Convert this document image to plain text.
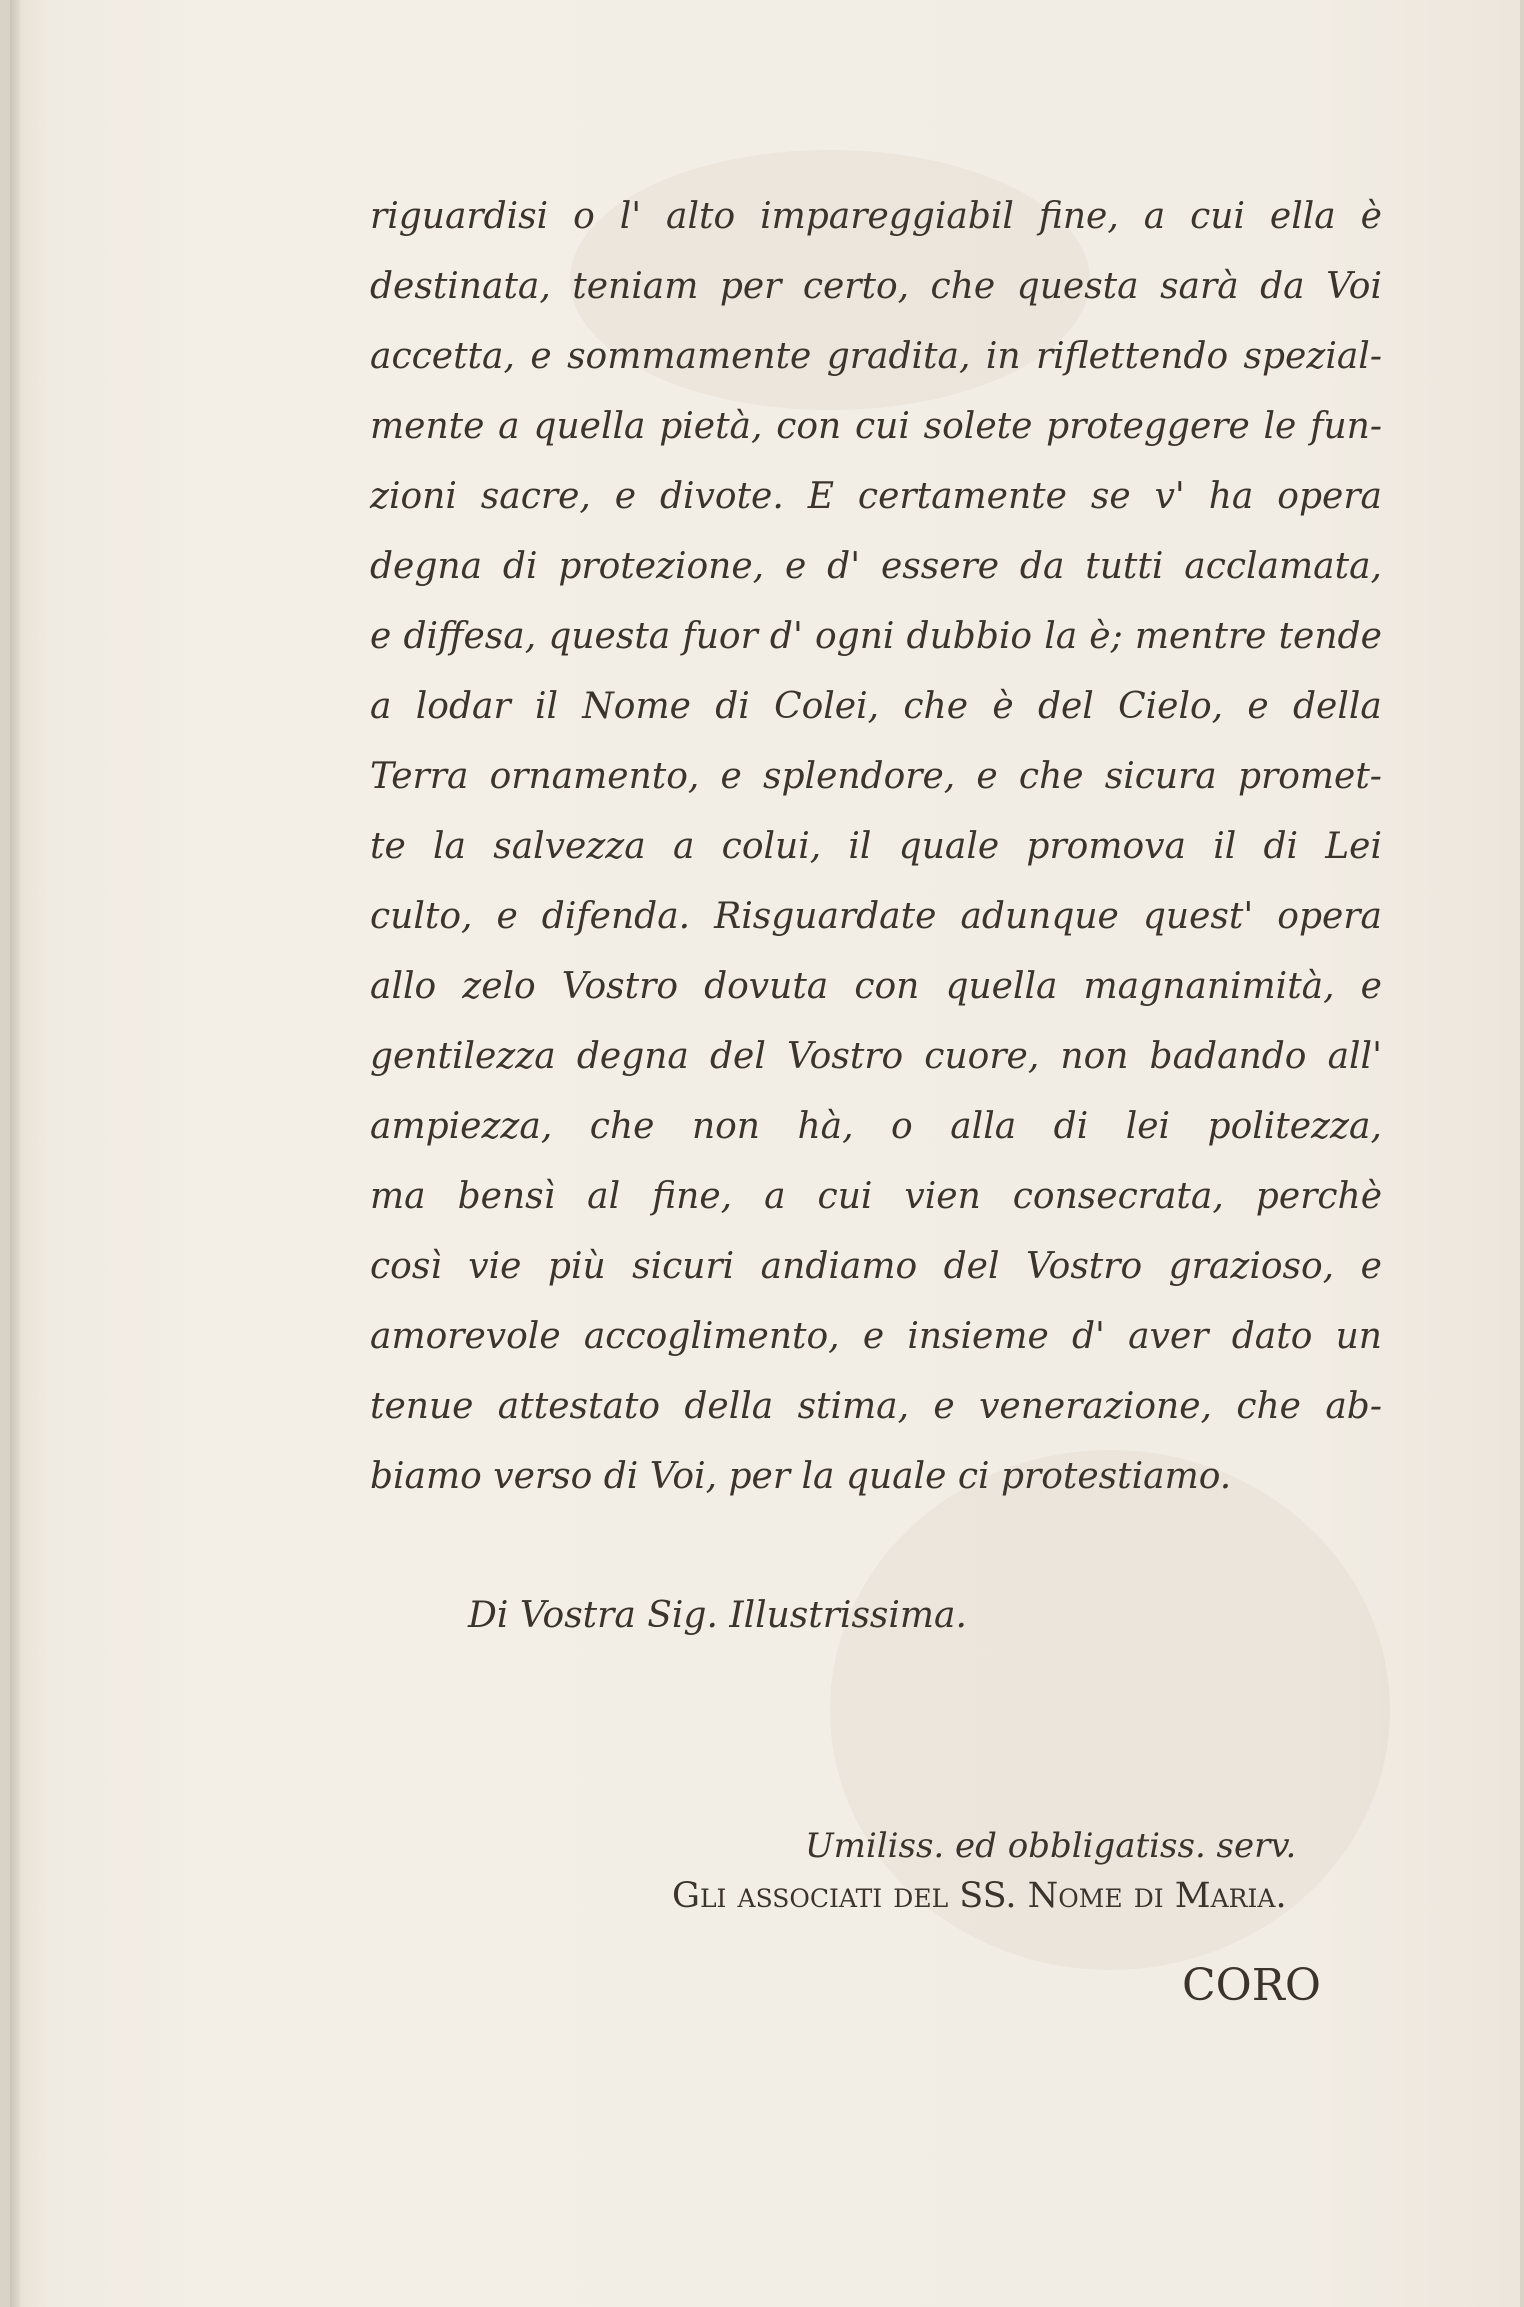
riguardisi o l' alto impareggiabil fine, a cui ella è
destinata, teniam per certo, che questa sarà da Voi
accetta, e sommamente gradita, in riflettendo spezial-
mente a quella pietà, con cui solete proteggere le fun-
zioni sacre, e divote. E certamente se v' ha opera
degna di protezione, e d' essere da tutti acclamata,
e diffesa, questa fuor d' ogni dubbio la è; mentre tende
a lodar il Nome di Colei, che è del Cielo, e della
Terra ornamento, e splendore, e che sicura promet-
te la salvezza a colui, il quale promova il di Lei
culto, e difenda. Risguardate adunque quest' opera
allo zelo Vostro dovuta con quella magnanimità, e
gentilezza degna del Vostro cuore, non badando all'
ampiezza, che non hà, o alla di lei politezza,
ma bensì al fine, a cui vien consecrata, perchè
così vie più sicuri andiamo del Vostro grazioso, e
amorevole accoglimento, e insieme d' aver dato un
tenue attestato della stima, e venerazione, che ab-
biamo verso di Voi, per la quale ci protestiamo.
Di Vostra Sig. Illustrissima.
Umiliss. ed obbligatiss. serv.
Gli associati del SS. Nome di Maria.
CORO
